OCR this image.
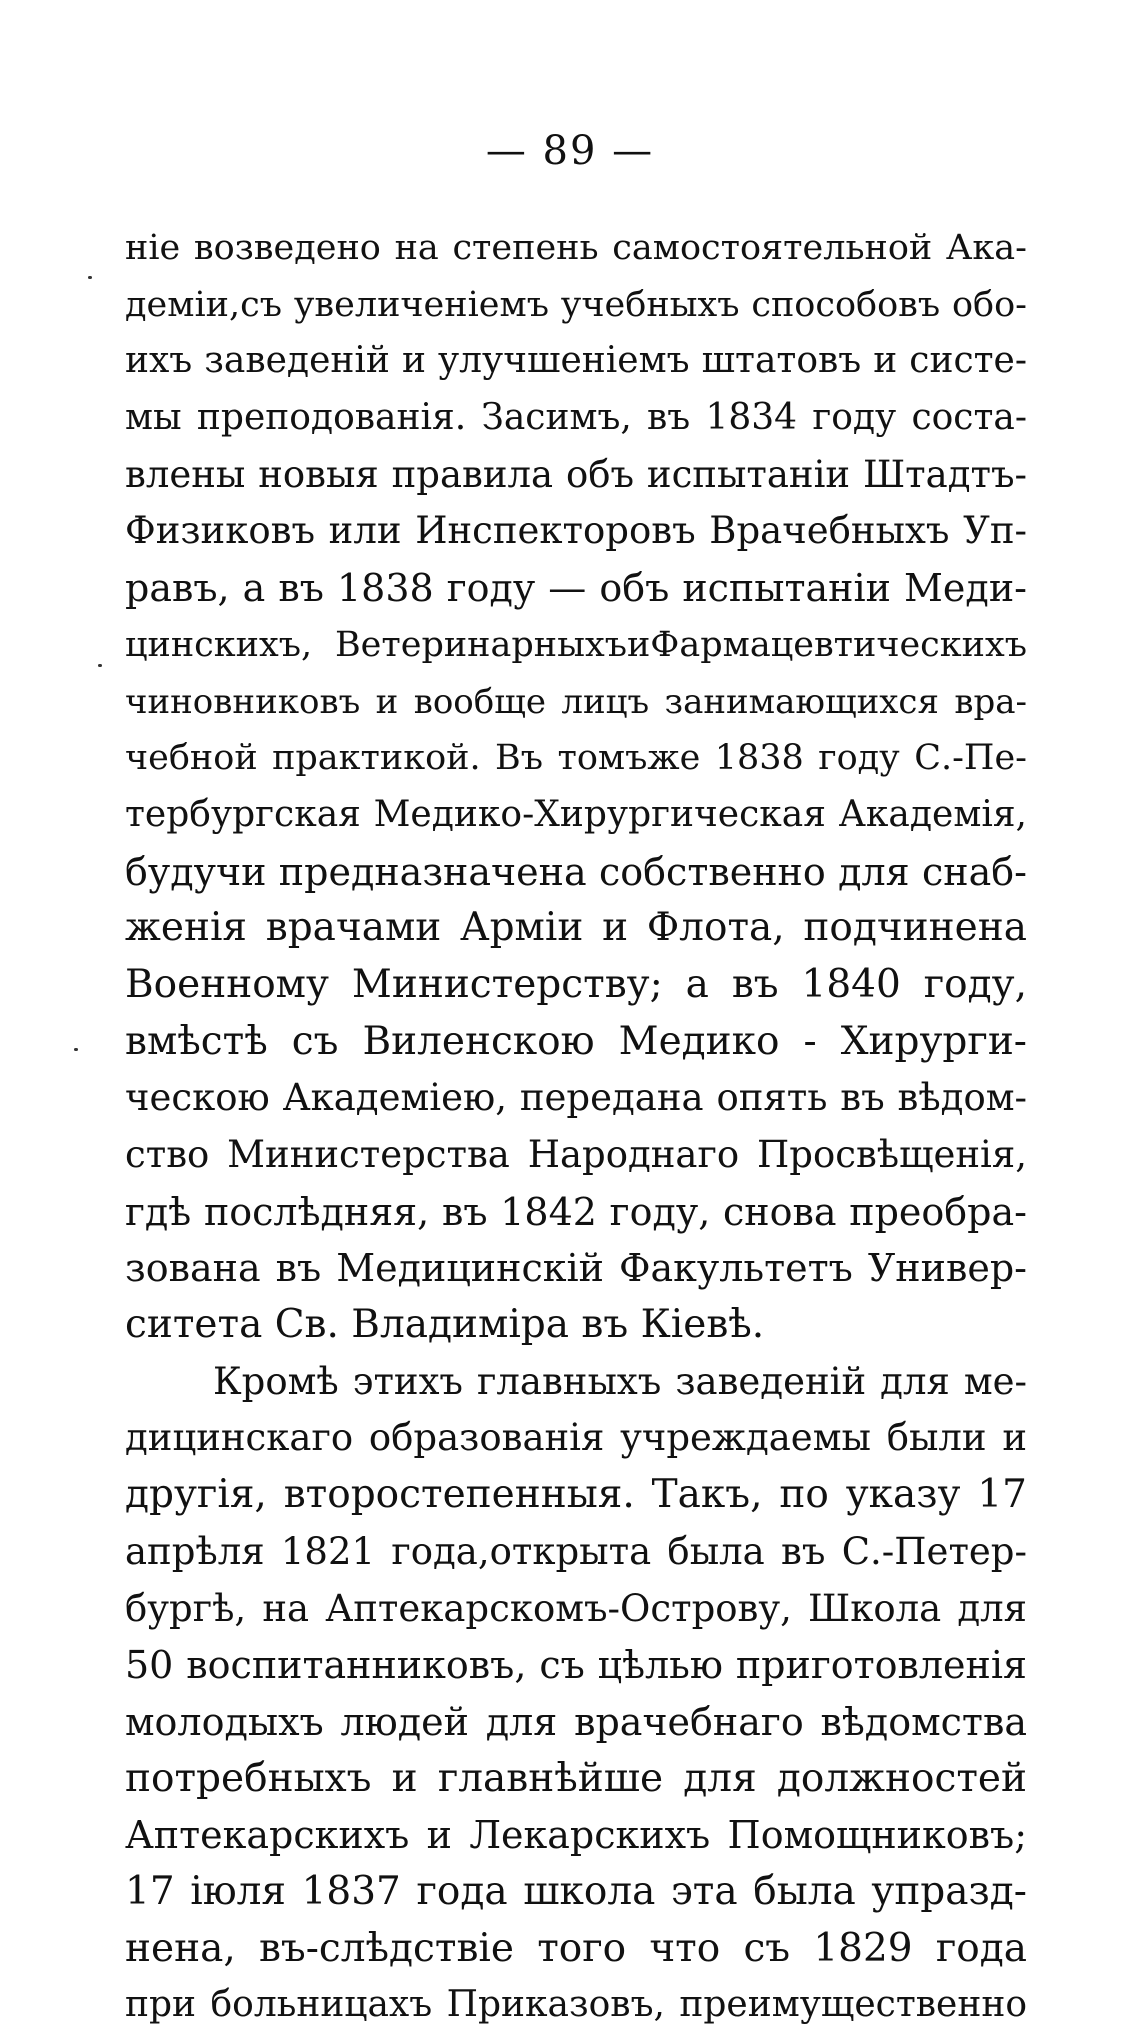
— 89 —
ніе возведено на степень самостоятельной Ака-
деміи,съ увеличеніемъ учебныхъ способовъ обо-
ихъ заведеній и улучшеніемъ штатовъ и систе-
мы преподованія. Засимъ, въ 1834 году соста-
влены новыя правила объ испытаніи Штадтъ-
Физиковъ или Инспекторовъ Врачебныхъ Уп-
равъ, а въ 1838 году — объ испытаніи Меди-
цинскихъ, ВетеринарныхъиФармацевтическихъ
чиновниковъ и вообще лицъ занимающихся вра-
чебной практикой. Въ томъже 1838 году С.-Пе-
тербургская Медико-Хирургическая Академія,
будучи предназначена собственно для снаб-
женія врачами Арміи и Флота, подчинена
Военному Министерству; а въ 1840 году,
вмѣстѣ съ Виленскою Медико - Хирурги-
ческою Академіею, передана опять въ вѣдом-
ство Министерства Народнаго Просвѣщенія,
гдѣ послѣдняя, въ 1842 году, снова преобра-
зована въ Медицинскій Факультетъ Универ-
ситета Св. Владиміра въ Кіевѣ.
Кромѣ этихъ главныхъ заведеній для ме-
дицинскаго образованія учреждаемы были и
другія, второстепенныя. Такъ, по указу 17
апрѣля 1821 года,открыта была въ С.-Петер-
бургѣ, на Аптекарскомъ-Острову, Школа для
50 воспитанниковъ, съ цѣлью приготовленія
молодыхъ людей для врачебнаго вѣдомства
потребныхъ и главнѣйше для должностей
Аптекарскихъ и Лекарскихъ Помощниковъ;
17 іюля 1837 года школа эта была упразд-
нена, въ-слѣдствіе того что съ 1829 года
при больницахъ Приказовъ, преимущественно
